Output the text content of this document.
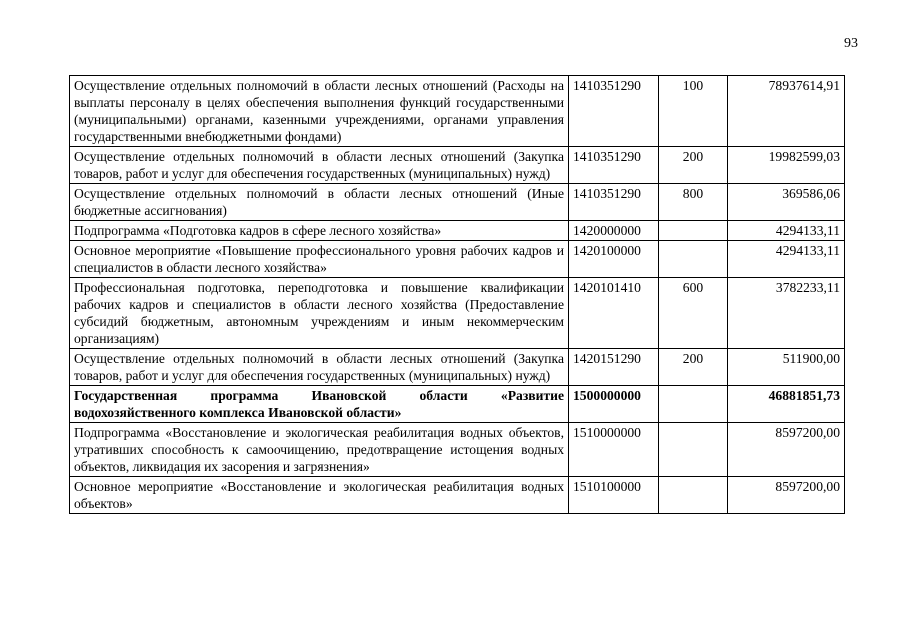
93
Осуществление отдельных полномочий в области лесных отношений (Расходы на выплаты персоналу в целях обеспечения выполнения функций государственными (муниципальными) органами, казенными учреждениями, органами управления государственными внебюджетными фондами)	1410351290	100	78937614,91
Осуществление отдельных полномочий в области лесных отношений (Закупка товаров, работ и услуг для обеспечения государственных (муниципальных) нужд)	1410351290	200	19982599,03
Осуществление отдельных полномочий в области лесных отношений (Иные бюджетные ассигнования)	1410351290	800	369586,06
Подпрограмма «Подготовка кадров в сфере лесного хозяйства»	1420000000		4294133,11
Основное мероприятие «Повышение профессионального уровня рабочих кадров и специалистов в области лесного хозяйства»	1420100000		4294133,11
Профессиональная подготовка, переподготовка и повышение квалификации рабочих кадров и специалистов в области лесного хозяйства (Предоставление субсидий бюджетным, автономным учреждениям и иным некоммерческим организациям)	1420101410	600	3782233,11
Осуществление отдельных полномочий в области лесных отношений (Закупка товаров, работ и услуг для обеспечения государственных (муниципальных) нужд)	1420151290	200	511900,00
Государственная программа Ивановской области «Развитие водохозяйственного комплекса Ивановской области»	1500000000		46881851,73
Подпрограмма «Восстановление и экологическая реабилитация водных объектов, утративших способность к самоочищению, предотвращение истощения водных объектов, ликвидация их засорения и загрязнения»	1510000000		8597200,00
Основное мероприятие «Восстановление и экологическая реабилитация водных объектов»	1510100000		8597200,00
